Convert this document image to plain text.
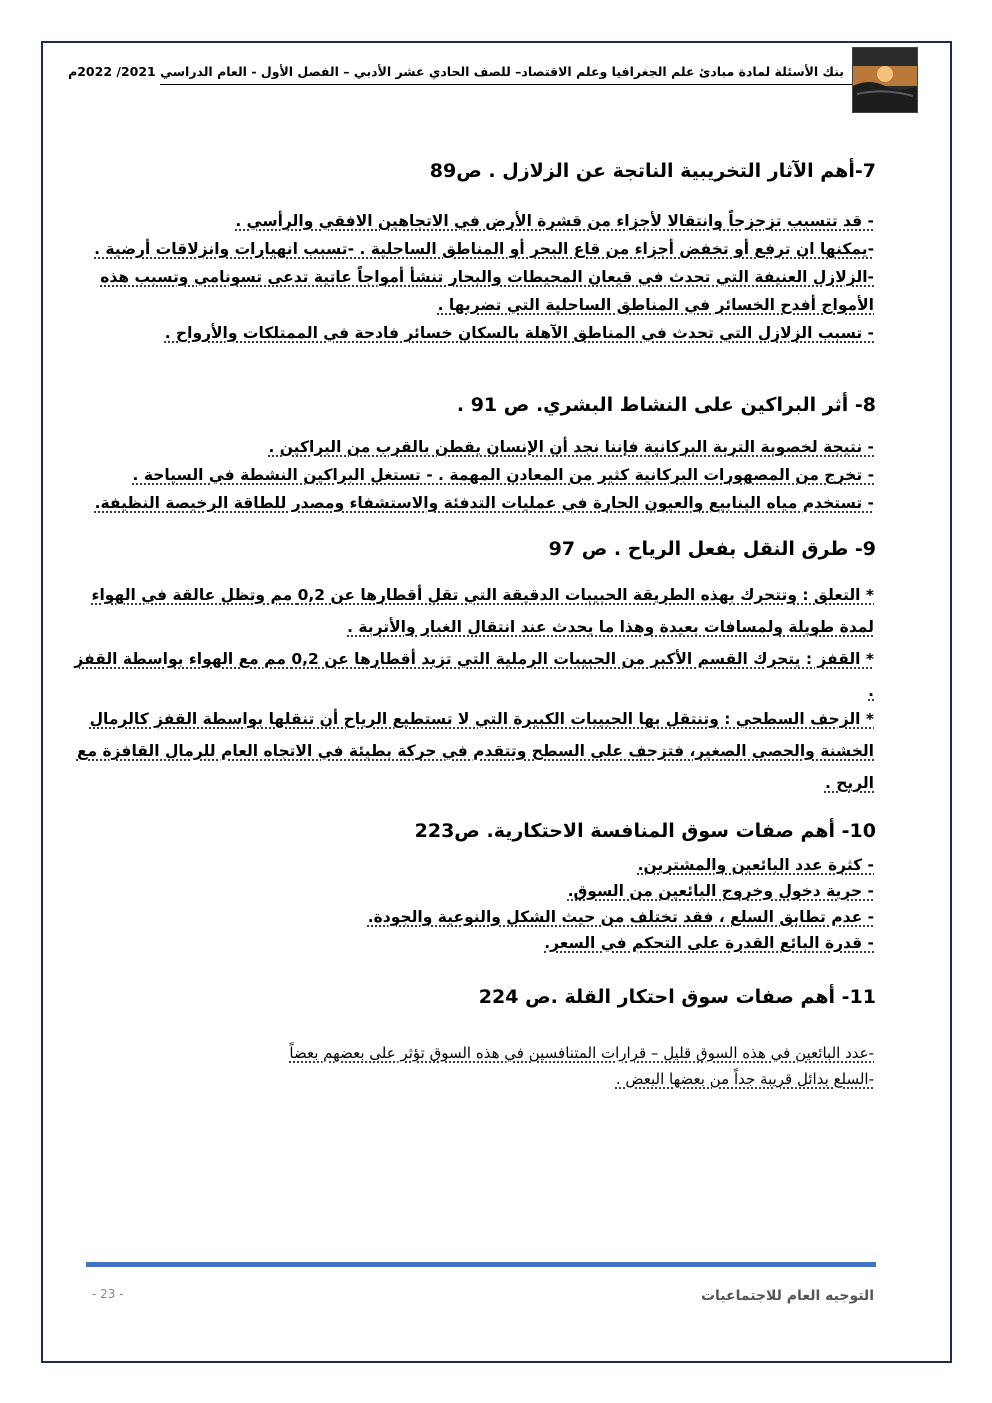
بنك الأسئلة لمادة مبادئ علم الجغرافيا وعلم الاقتصاد– للصف الحادي عشر الأدبي – الفصل الأول - العام الدراسي 2021/ 2022م
7-أهم الآثار التخريبية الناتجة عن الزلازل . ص89
- قد تتسبب تزحزحاً وانتقالا لأجزاء من قشرة الأرض في الاتجاهين الافقي والرأسي .
-يمكنها ان ترفع أو تخفض أجزاء من قاع البحر أو المناطق الساحلية . -تسبب انهيارات وانزلاقات أرضية .
-الزلازل العنيفة التي تحدث في قيعان المحيطات والبحار تنشأ أمواجاً عاتية تدعى تسونامي وتسبب هذه
الأمواج أفدح الخسائر في المناطق الساحلية التي تضربها .
- تسبب الزلازل التي تحدث في المناطق الآهلة بالسكان خسائر فادحة في الممتلكات والأرواح .
8- أثر البراكين على النشاط البشري. ص 91 .
- نتيجة لخصوبة التربة البركانية فإننا نجد أن الإنسان يقطن بالقرب من البراكين .
- تخرج من المصهورات البركانية كثير من المعادن المهمة . - تستغل البراكين النشطة في السياحة .
- تستخدم مياه الينابيع والعيون الحارة في عمليات التدفئة والاستشفاء ومصدر للطاقة الرخيصة النظيفة.
9- طرق النقل بفعل الرياح . ص 97
* التعلق : وتتحرك بهذه الطريقة الحبيبات الدقيقة التي تقل أقطارها عن 0,2 مم وتظل عالقة في الهواء
لمدة طويلة ولمسافات بعيدة وهذا ما يحدث عند انتقال الغبار والأتربة .
* القفز : يتحرك القسم الأكبر من الحبيبات الرملية التي تزيد أقطارها عن 0,2 مم مع الهواء بواسطة القفز
.
* الزحف السطحي : وتنتقل بها الحبيبات الكبيرة التي لا تستطيع الرياح أن تنقلها بواسطة القفز كالرمال
الخشنة والحصى الصغير، فتزحف على السطح وتتقدم في حركة بطيئة في الاتجاه العام للرمال القافزة مع
الريح .
10- أهم صفات سوق المنافسة الاحتكارية. ص223
- كثرة عدد البائعين والمشترين.
- حرية دخول وخروج البائعين من السوق.
- عدم تطابق السلع ، فقد تختلف من حيث الشكل والنوعية والجودة.
- قدرة البائع القدرة على التحكم في السعر.
11- أهم صفات سوق احتكار القلة .ص 224
-عدد البائعين في هذه السوق قليل – قرارات المتنافسين في هذه السوق تؤثر على بعضهم بعضاً
-السلع بدائل قريبة جداً من بعضها البعض .
- 23 -	التوجيه العام للاجتماعيات
